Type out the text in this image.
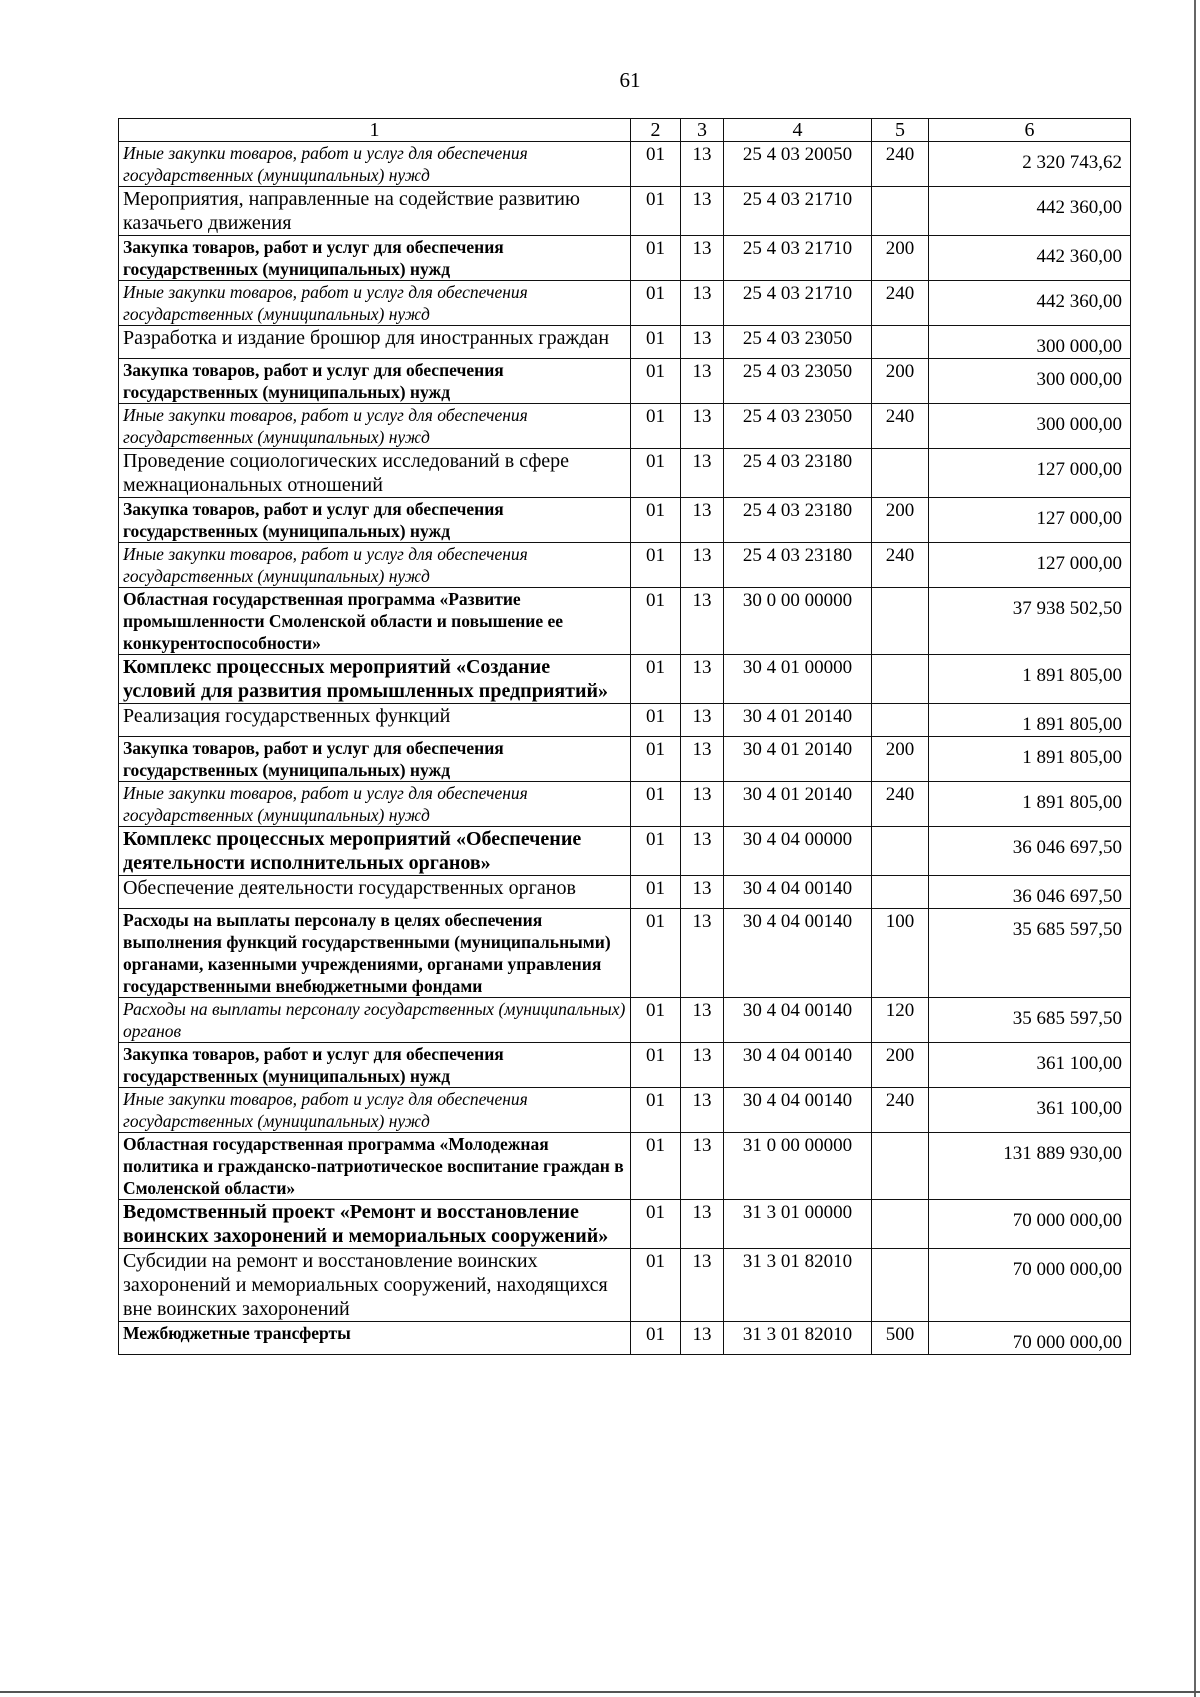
61
1	2	3	4	5	6
Иные закупки товаров, работ и услуг для обеспечения государственных (муниципальных) нужд	01	13	25 4 03 20050	240	2 320 743,62
Мероприятия, направленные на содействие развитию казачьего движения	01	13	25 4 03 21710		442 360,00
Закупка товаров, работ и услуг для обеспечения государственных (муниципальных) нужд	01	13	25 4 03 21710	200	442 360,00
Иные закупки товаров, работ и услуг для обеспечения государственных (муниципальных) нужд	01	13	25 4 03 21710	240	442 360,00
Разработка и издание брошюр для иностранных граждан	01	13	25 4 03 23050		300 000,00
Закупка товаров, работ и услуг для обеспечения государственных (муниципальных) нужд	01	13	25 4 03 23050	200	300 000,00
Иные закупки товаров, работ и услуг для обеспечения государственных (муниципальных) нужд	01	13	25 4 03 23050	240	300 000,00
Проведение социологических исследований в сфере межнациональных отношений	01	13	25 4 03 23180		127 000,00
Закупка товаров, работ и услуг для обеспечения государственных (муниципальных) нужд	01	13	25 4 03 23180	200	127 000,00
Иные закупки товаров, работ и услуг для обеспечения государственных (муниципальных) нужд	01	13	25 4 03 23180	240	127 000,00
Областная государственная программа «Развитие промышленности Смоленской области и повышение ее конкурентоспособности»	01	13	30 0 00 00000		37 938 502,50
Комплекс процессных мероприятий «Создание условий для развития промышленных предприятий»	01	13	30 4 01 00000		1 891 805,00
Реализация государственных функций	01	13	30 4 01 20140		1 891 805,00
Закупка товаров, работ и услуг для обеспечения государственных (муниципальных) нужд	01	13	30 4 01 20140	200	1 891 805,00
Иные закупки товаров, работ и услуг для обеспечения государственных (муниципальных) нужд	01	13	30 4 01 20140	240	1 891 805,00
Комплекс процессных мероприятий «Обеспечение деятельности исполнительных органов»	01	13	30 4 04 00000		36 046 697,50
Обеспечение деятельности государственных органов	01	13	30 4 04 00140		36 046 697,50
Расходы на выплаты персоналу в целях обеспечения выполнения функций государственными (муниципальными) органами, казенными учреждениями, органами управления государственными внебюджетными фондами	01	13	30 4 04 00140	100	35 685 597,50
Расходы на выплаты персоналу государственных (муниципальных) органов	01	13	30 4 04 00140	120	35 685 597,50
Закупка товаров, работ и услуг для обеспечения государственных (муниципальных) нужд	01	13	30 4 04 00140	200	361 100,00
Иные закупки товаров, работ и услуг для обеспечения государственных (муниципальных) нужд	01	13	30 4 04 00140	240	361 100,00
Областная государственная программа «Молодежная политика и гражданско-патриотическое воспитание граждан в Смоленской области»	01	13	31 0 00 00000		131 889 930,00
Ведомственный проект «Ремонт и восстановление воинских захоронений и мемориальных сооружений»	01	13	31 3 01 00000		70 000 000,00
Субсидии на ремонт и восстановление воинских захоронений и мемориальных сооружений, находящихся вне воинских захоронений	01	13	31 3 01 82010		70 000 000,00
Межбюджетные трансферты	01	13	31 3 01 82010	500	70 000 000,00
